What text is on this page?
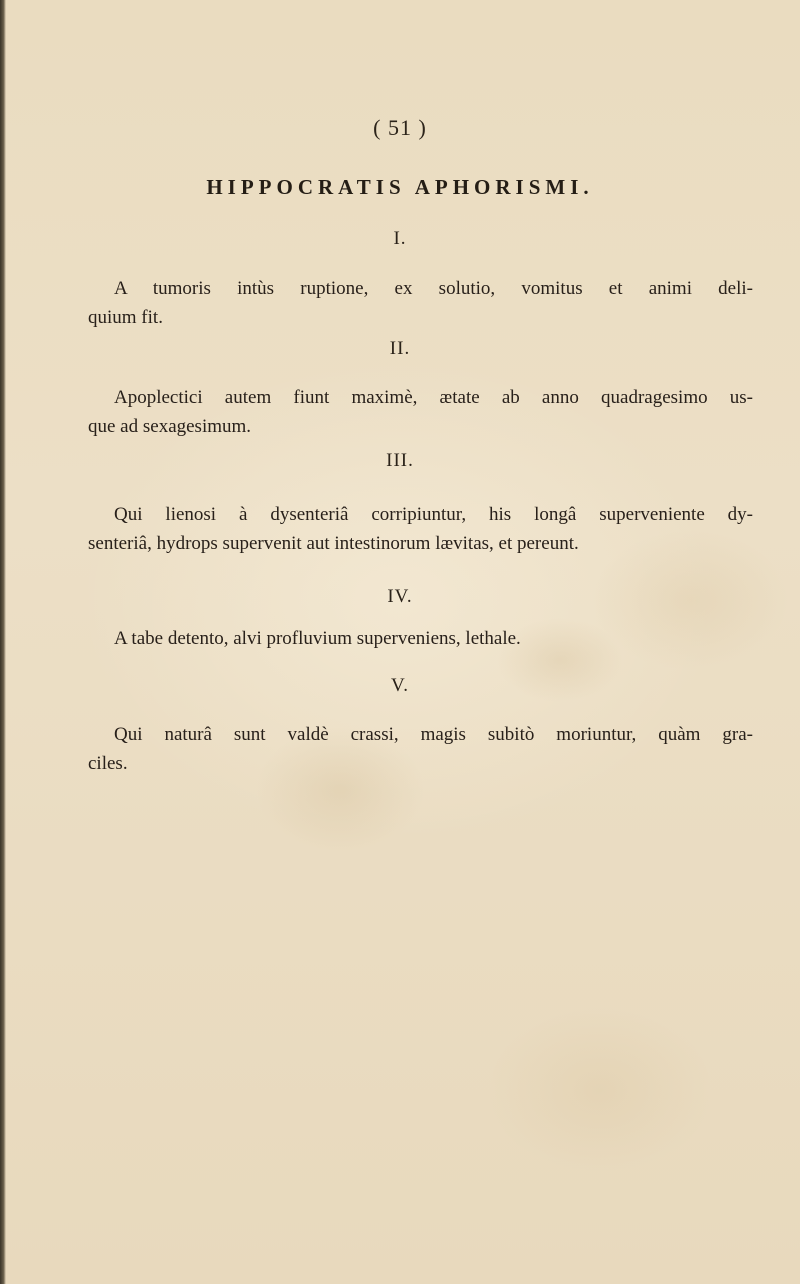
( 51 )
HIPPOCRATIS APHORISMI.
I.
A tumoris intùs ruptione, ex solutio, vomitus et animi deli-
quium fit.
II.
Apoplectici autem fiunt maximè, ætate ab anno quadragesimo us-
que ad sexagesimum.
III.
Qui lienosi à dysenteriâ corripiuntur, his longâ superveniente dy-
senteriâ, hydrops supervenit aut intestinorum lævitas, et pereunt.
IV.
A tabe detento, alvi profluvium superveniens, lethale.
V.
Qui naturâ sunt valdè crassi, magis subitò moriuntur, quàm gra-
ciles.
